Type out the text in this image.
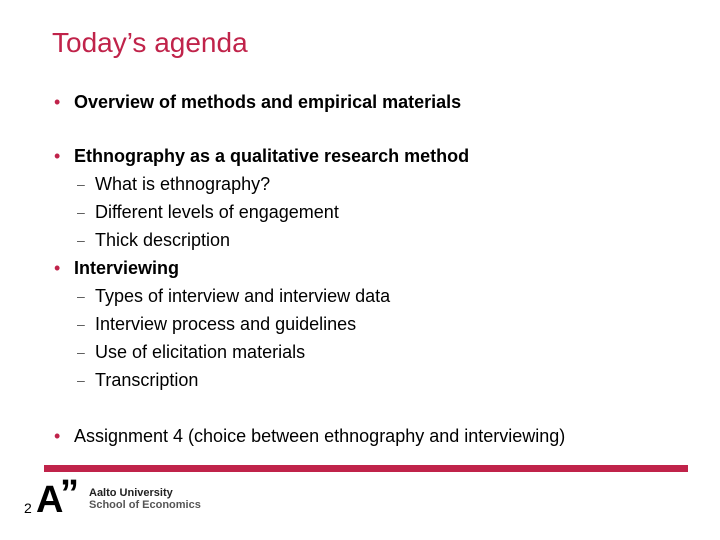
Today’s agenda
• Overview of methods and empirical materials
• Ethnography as a qualitative research method
– What is ethnography?
– Different levels of engagement
– Thick description
• Interviewing
– Types of interview and interview data
– Interview process and guidelines
– Use of elicitation materials
– Transcription
• Assignment 4 (choice between ethnography and interviewing)
A
” Aalto University
School of Economics
2
